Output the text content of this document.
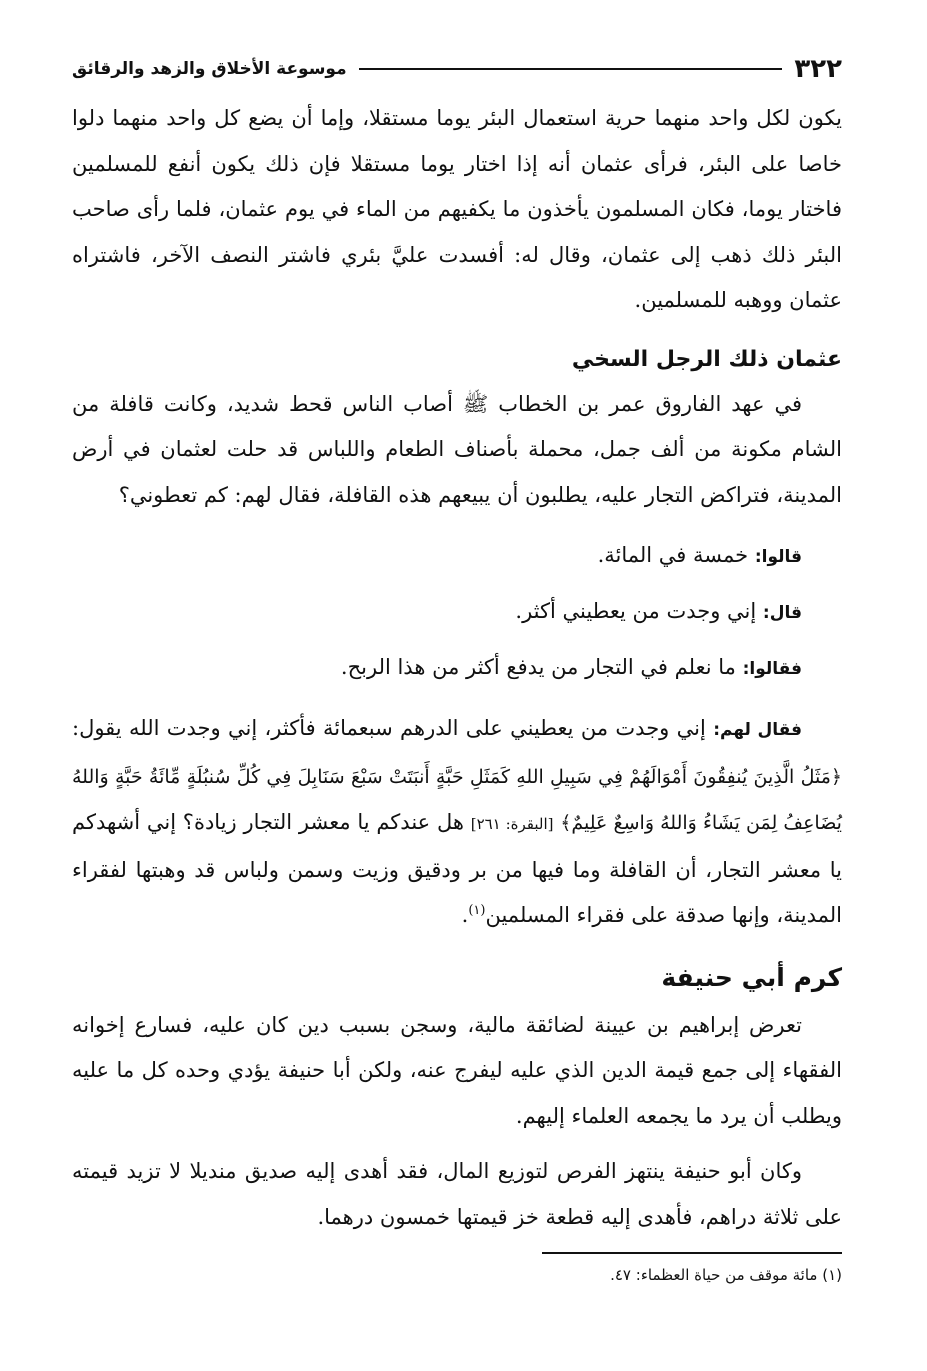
٣٢٢
موسوعة الأخلاق والزهد والرقائق

يكون لكل واحد منهما حرية استعمال البئر يوما مستقلا، وإما أن يضع كل واحد منهما دلوا خاصا على البئر، فرأى عثمان أنه إذا اختار يوما مستقلا فإن ذلك يكون أنفع للمسلمين فاختار يوما، فكان المسلمون يأخذون ما يكفيهم من الماء في يوم عثمان، فلما رأى صاحب البئر ذلك ذهب إلى عثمان، وقال له: أفسدت عليَّ بئري فاشتر النصف الآخر، فاشتراه عثمان ووهبه للمسلمين.

عثمان ذلك الرجل السخي

في عهد الفاروق عمر بن الخطاب ﷺ أصاب الناس قحط شديد، وكانت قافلة من الشام مكونة من ألف جمل، محملة بأصناف الطعام واللباس قد حلت لعثمان في أرض المدينة، فتراكض التجار عليه، يطلبون أن يبيعهم هذه القافلة، فقال لهم: كم تعطوني؟

قالوا: خمسة في المائة.

قال: إني وجدت من يعطيني أكثر.

فقالوا: ما نعلم في التجار من يدفع أكثر من هذا الربح.

فقال لهم: إني وجدت من يعطيني على الدرهم سبعمائة فأكثر، إني وجدت الله يقول: ﴿مَثَلُ الَّذِينَ يُنفِقُونَ أَمْوَالَهُمْ فِي سَبِيلِ اللهِ كَمَثَلِ حَبَّةٍ أَنبَتَتْ سَبْعَ سَنَابِلَ فِي كُلِّ سُنبُلَةٍ مِّائَةُ حَبَّةٍ وَاللهُ يُضَاعِفُ لِمَن يَشَاءُ وَاللهُ وَاسِعٌ عَلِيمٌ﴾ [البقرة: ٢٦١] هل عندكم يا معشر التجار زيادة؟ إني أشهدكم يا معشر التجار، أن القافلة وما فيها من بر ودقيق وزيت وسمن ولباس قد وهبتها لفقراء المدينة، وإنها صدقة على فقراء المسلمين$^{(١)}$.

كرم أبي حنيفة

تعرض إبراهيم بن عيينة لضائقة مالية، وسجن بسبب دين كان عليه، فسارع إخوانه الفقهاء إلى جمع قيمة الدين الذي عليه ليفرج عنه، ولكن أبا حنيفة يؤدي وحده كل ما عليه ويطلب أن يرد ما يجمعه العلماء إليهم.

وكان أبو حنيفة ينتهز الفرص لتوزيع المال، فقد أهدى إليه صديق منديلا لا تزيد قيمته على ثلاثة دراهم، فأهدى إليه قطعة خز قيمتها خمسون درهما.

(١) مائة موقف من حياة العظماء: ٤٧.
